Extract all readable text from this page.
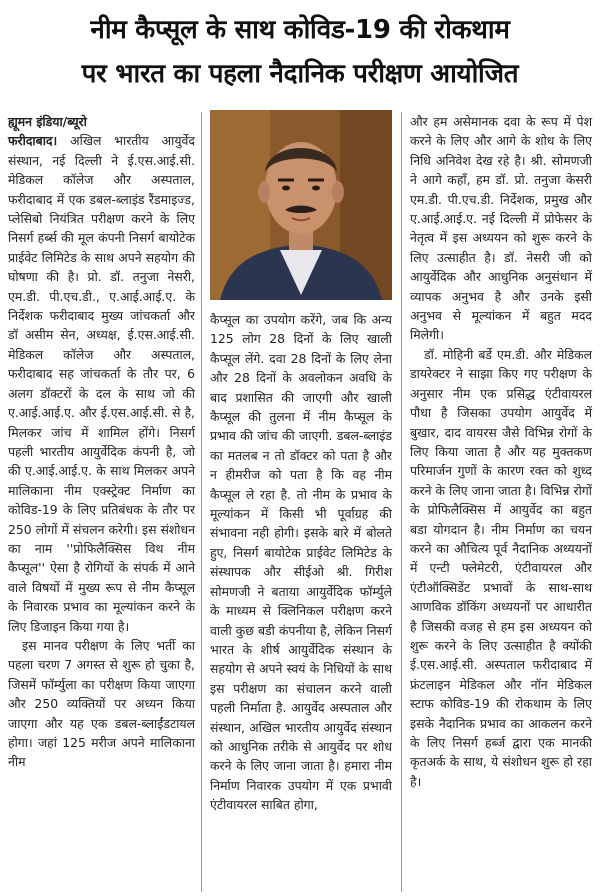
नीम कैप्सूल के साथ कोविड-19 की रोकथाम
पर भारत का पहला नैदानिक परीक्षण आयोजित
ह्यूमन इंडिया/ब्यूरो

फरीदाबाद। अखिल भारतीय आयुर्वेद संस्थान, नई दिल्ली ने ई.एस.आई.सी. मेडिकल कॉलेज और अस्पताल, फरीदाबाद में एक डबल-ब्लाइंड रैंडमाइज्ड, प्लेसिबो नियंत्रित परीक्षण करने के लिए निसर्ग हर्ब्स की मूल कंपनी निसर्ग बायोटेक प्राईवेट लिमिटेड के साथ अपने सहयोग की घोषणा की है। प्रो. डॉ. तनुजा नेसरी, एम.डी. पी.एच.डी., ए.आई.आई.ए. के निर्देशक फरीदाबाद मुख्य जांचकर्ता और डॉ असीम सेन, अध्यक्ष, ई.एस.आई.सी. मेडिकल कॉलेज और अस्पताल, फरीदाबाद सह जांचकर्ता के तौर पर, 6 अलग डॉक्टरों के दल के साथ जो की ए.आई.आई.ए. और ई.एस.आई.सी. से है, मिलकर जांच में शामिल होंगे। निसर्ग पहली भारतीय आयुर्वेदिक कंपनी है, जो की ए.आई.आई.ए. के साथ मिलकर अपने मालिकाना नीम एक्स्ट्रेक्ट निर्माण का कोविड-19 के लिए प्रतिबंधक के तौर पर 250 लोगों में संचलन करेगी। इस संशोधन का नाम ''प्रोफिलैक्सिस विथ नीम कैप्सूल'' ऐसा है रोगियों के संपर्क में आने वाले विषयों में मुख्य रूप से नीम कैप्सूल के निवारक प्रभाव का मूल्यांकन करने के लिए डिजाइन किया गया है।

इस मानव परीक्षण के लिए भर्ती का पहला चरण 7 अगस्त से शुरू हो चुका है, जिसमें फॉर्म्युला का परीक्षण किया जाएगा और 250 व्यक्तियों पर अध्यन किया जाएगा और यह एक डबल-ब्लाईंडटायल होगा। जहां 125 मरीज अपने मालिकाना नीम

कैप्सूल का उपयोग करेंगे, जब कि अन्य 125 लोग 28 दिनों के लिए खाली कैप्सूल लेंगे. दवा 28 दिनों के लिए लेना और 28 दिनों के अवलोकन अवधि के बाद प्रशासित की जाएगी और खाली कैप्सूल की तुलना में नीम कैप्सूल के प्रभाव की जांच की जाएगी. डबल-ब्लाइंड का मतलब न तो डॉक्टर को पता है और न हीमरीज को पता है कि वह नीम कैप्सूल ले रहा है. तो नीम के प्रभाव के मूल्यांकन में किसी भी पूर्वाग्रह की संभावना नही होगी। इसके बारे में बोलते हुए, निसर्ग बायोटेक प्राईवेट लिमिटेड के संस्थापक और सीईओ श्री. गिरीश सोमणजी ने बताया आयुर्वेदिक फॉर्म्युले के माध्यम से क्लिनिकल परीक्षण करने वाली कुछ बडी कंपनीया है, लेकिन निसर्ग भारत के शीर्ष आयुर्वेदिक संस्थान के सहयोग से अपने स्वयं के निधियों के साथ इस परीक्षण का संचालन करने वाली पहली निर्माता है. आयुर्वेद अस्पताल और संस्थान, अखिल भारतीय आयुर्वेद संस्थान को आधुनिक तरीके से आयुर्वेद पर शोध करने के लिए जाना जाता है। हमारा नीम निर्माण निवारक उपयोग में एक प्रभावी एंटीवायरल साबित होगा,

और हम असेमानक दवा के रूप में पेश करने के लिए और आगे के शोध के लिए निधि अनिवेश देख रहे है। श्री. सोमणजी ने आगे कहाँ, हम डॉ. प्रो. तनुजा केसरी एम.डी. पी.एच.डी. निर्देशक, प्रमुख और ए.आई.आई.ए. नई दिल्ली में प्रोफेसर के नेतृत्व में इस अध्ययन को शुरू करने के लिए उत्साहीत है। डॉ. नेसरी जी को आयुर्वेदिक और आधुनिक अनुसंधान में व्यापक अनुभव है और उनके इसी अनुभव से मूल्यांकन में बहुत मदद मिलेगी।

डॉ. मोहिनी बर्डे एम.डी. और मेडिकल डायरेक्टर ने साझा किए गए परीक्षण के अनुसार नीम एक प्रसिद्ध एंटीवायरल पौधा है जिसका उपयोग आयुर्वेद में बुखार, दाद वायरस जैसे विभिन्न रोगों के लिए किया जाता है और यह मुक्तकण परिमार्जन गुणों के कारण रक्त को शुध्द करने के लिए जाना जाता है। विभिन्न रोगों के प्रोफिलैक्सिस में आयुर्वेद का बहुत बडा योगदान है। नीम निर्माण का चयन करने का औचित्य पूर्व नैदानिक अध्ययनों में एन्टी फ्लेमेटरी, एंटीवायरल और एंटीऑक्सिडेंट प्रभावों के साथ-साथ आणविक डॉकिंग अध्ययनों पर आधारीत है जिसकी वजह से हम इस अध्ययन को शुरू करने के लिए उत्साहीत है क्योंकी ई.एस.आई.सी. अस्पताल फरीदाबाद में फ्रंटलाइन मेडिकल और नॉन मेडिकल स्टाफ कोविड-19 की रोकथाम के लिए इसके नैदानिक प्रभाव का आकलन करने के लिए निसर्ग हर्ब्ज द्वारा एक मानकी कृतअर्क के साथ, ये संशोधन शुरू हो रहा है।
